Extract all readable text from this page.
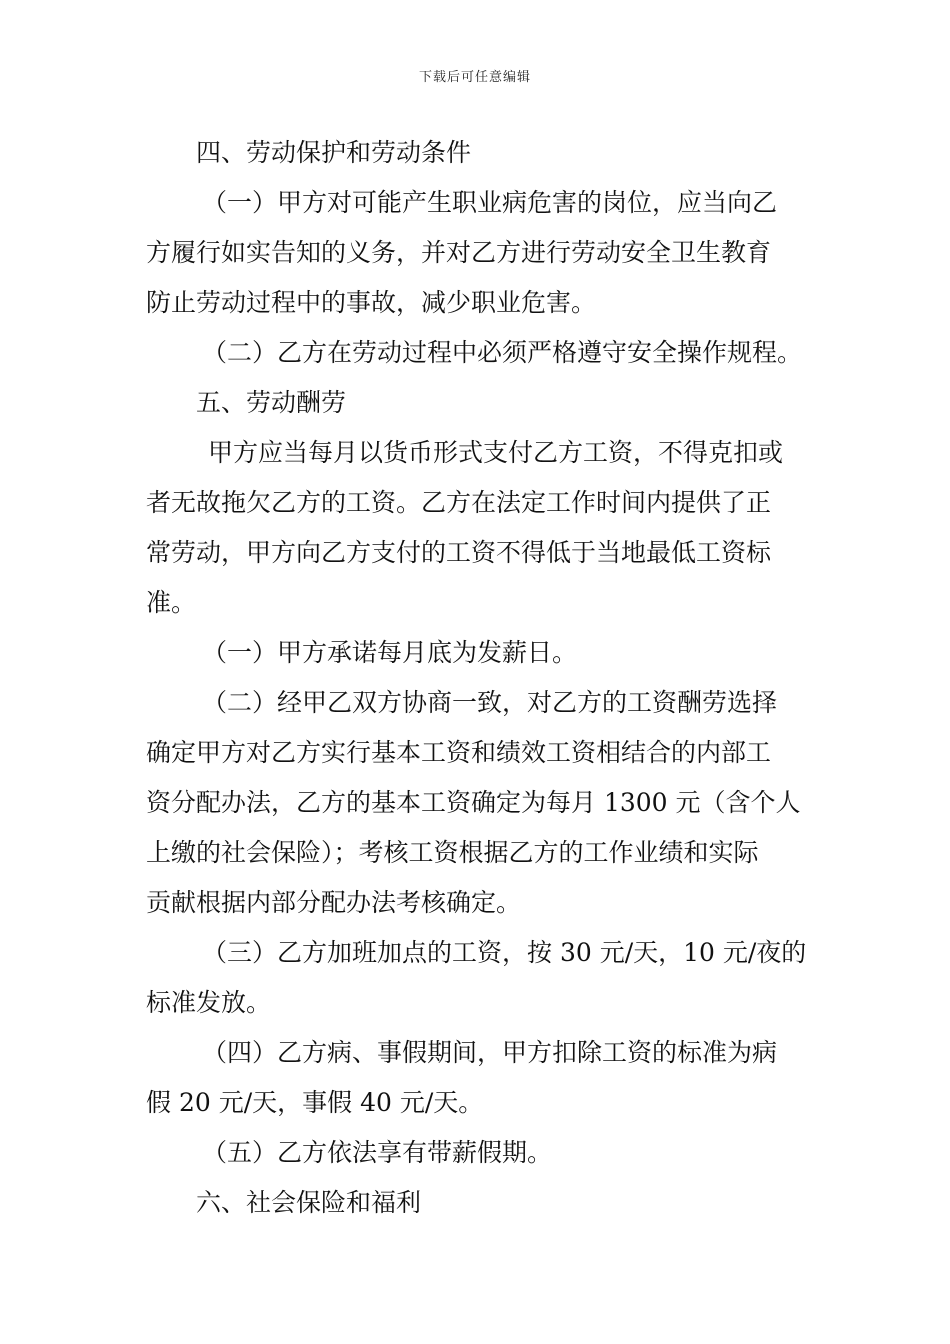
下载后可任意编辑
四、劳动保护和劳动条件
（一）甲方对可能产生职业病危害的岗位，应当向乙
方履行如实告知的义务，并对乙方进行劳动安全卫生教育
防止劳动过程中的事故，减少职业危害。
（二）乙方在劳动过程中必须严格遵守安全操作规程。
五、劳动酬劳
甲方应当每月以货币形式支付乙方工资，不得克扣或
者无故拖欠乙方的工资。乙方在法定工作时间内提供了正
常劳动，甲方向乙方支付的工资不得低于当地最低工资标
准。
（一）甲方承诺每月底为发薪日。
（二）经甲乙双方协商一致，对乙方的工资酬劳选择
确定甲方对乙方实行基本工资和绩效工资相结合的内部工
资分配办法，乙方的基本工资确定为每月 1300 元（含个人
上缴的社会保险）；考核工资根据乙方的工作业绩和实际
贡献根据内部分配办法考核确定。
（三）乙方加班加点的工资，按 30 元/天，10 元/夜的
标准发放。
（四）乙方病、事假期间，甲方扣除工资的标准为病
假 20 元/天，事假 40 元/天。
（五）乙方依法享有带薪假期。
六、社会保险和福利
